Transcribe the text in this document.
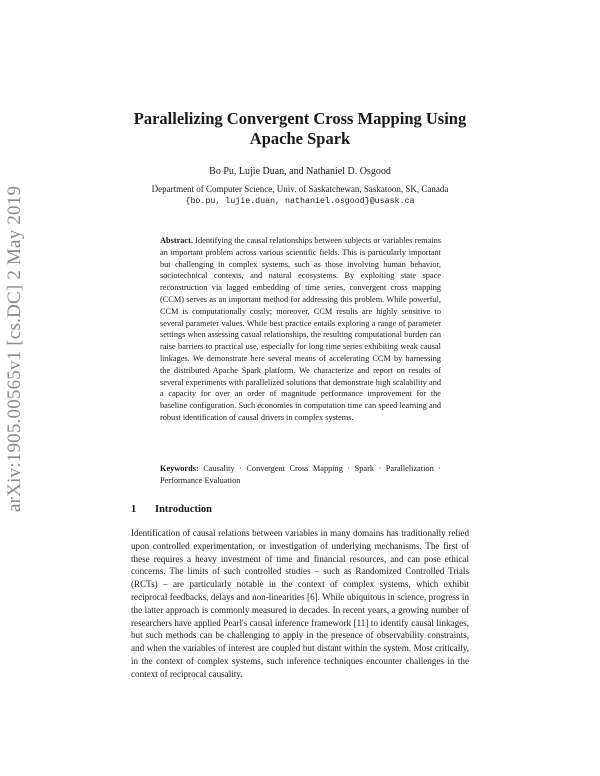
arXiv:1905.00565v1 [cs.DC] 2 May 2019
Parallelizing Convergent Cross Mapping Using Apache Spark
Bo Pu, Lujie Duan, and Nathaniel D. Osgood
Department of Computer Science, Univ. of Saskatchewan, Saskatoon, SK, Canada
{bo.pu, lujie.duan, nathaniel.osgood}@usask.ca
Abstract. Identifying the causal relationships between subjects or variables remains an important problem across various scientific fields. This is particularly important but challenging in complex systems, such as those involving human behavior, sociotechnical contexts, and natural ecosystems. By exploiting state space reconstruction via lagged embedding of time series, convergent cross mapping (CCM) serves as an important method for addressing this problem. While powerful, CCM is computationally costly; moreover, CCM results are highly sensitive to several parameter values. While best practice entails exploring a range of parameter settings when assessing casual relationships, the resulting computational burden can raise barriers to practical use, especially for long time series exhibiting weak causal linkages. We demonstrate here several means of accelerating CCM by harnessing the distributed Apache Spark platform. We characterize and report on results of several experiments with parallelized solutions that demonstrate high scalability and a capacity for over an order of magnitude performance improvement for the baseline configuration. Such economies in computation time can speed learning and robust identification of causal drivers in complex systems.
Keywords: Causality · Convergent Cross Mapping · Spark · Parallelization · Performance Evaluation
1 Introduction
Identification of causal relations between variables in many domains has traditionally relied upon controlled experimentation, or investigation of underlying mechanisms. The first of these requires a heavy investment of time and financial resources, and can pose ethical concerns. The limits of such controlled studies – such as Randomized Controlled Trials (RCTs) – are particularly notable in the context of complex systems, which exhibit reciprocal feedbacks, delays and non-linearities [6]. While ubiquitous in science, progress in the latter approach is commonly measured in decades. In recent years, a growing number of researchers have applied Pearl's causal inference framework [11] to identify causal linkages, but such methods can be challenging to apply in the presence of observability constraints, and when the variables of interest are coupled but distant within the system. Most critically, in the context of complex systems, such inference techniques encounter challenges in the context of reciprocal causality.
